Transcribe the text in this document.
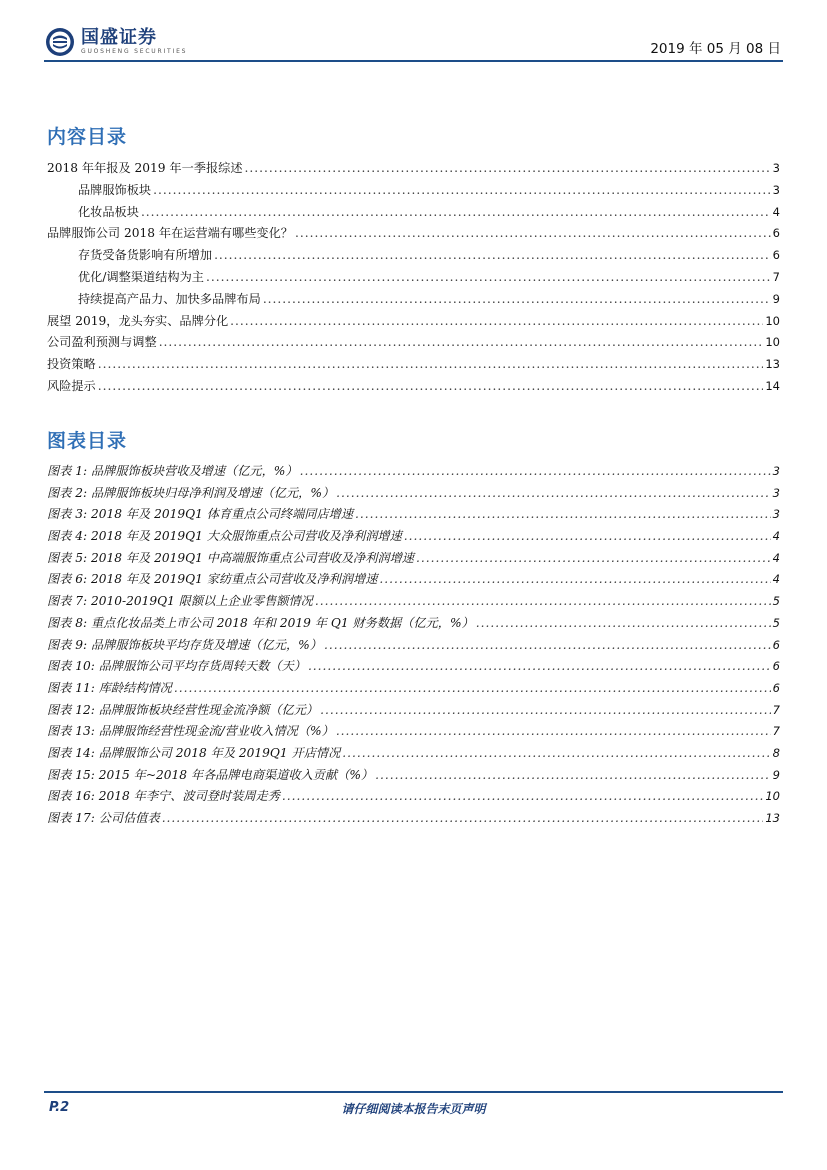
国盛证券
GUOSHENG SECURITIES	2019 年 05 月 08 日
内容目录
2018 年年报及 2019 年一季报综述 .....	3
品牌服饰板块 .....	3
化妆品板块 .....	4
品牌服饰公司 2018 年在运营端有哪些变化？ .....	6
存货受备货影响有所增加 .....	6
优化/调整渠道结构为主 .....	7
持续提高产品力、加快多品牌布局 .....	9
展望 2019，龙头夯实、品牌分化 .....	10
公司盈利预测与调整 .....	10
投资策略 .....	13
风险提示 .....	14
图表目录
图表 1: 品牌服饰板块营收及增速（亿元，%） .....	3
图表 2: 品牌服饰板块归母净利润及增速（亿元，%） .....	3
图表 3: 2018 年及 2019Q1 体育重点公司终端同店增速 .....	3
图表 4: 2018 年及 2019Q1 大众服饰重点公司营收及净利润增速 .....	4
图表 5: 2018 年及 2019Q1 中高端服饰重点公司营收及净利润增速 .....	4
图表 6: 2018 年及 2019Q1 家纺重点公司营收及净利润增速 .....	4
图表 7: 2010-2019Q1 限额以上企业零售额情况 .....	5
图表 8: 重点化妆品类上市公司 2018 年和 2019 年 Q1 财务数据（亿元，%） .....	5
图表 9: 品牌服饰板块平均存货及增速（亿元，%） .....	6
图表 10: 品牌服饰公司平均存货周转天数（天） .....	6
图表 11: 库龄结构情况 .....	6
图表 12: 品牌服饰板块经营性现金流净额（亿元） .....	7
图表 13: 品牌服饰经营性现金流/营业收入情况（%） .....	7
图表 14: 品牌服饰公司 2018 年及 2019Q1 开店情况 .....	8
图表 15: 2015 年~2018 年各品牌电商渠道收入贡献（%） .....	9
图表 16: 2018 年李宁、波司登时装周走秀 .....	10
图表 17: 公司估值表 .....	13
P.2	请仔细阅读本报告末页声明
